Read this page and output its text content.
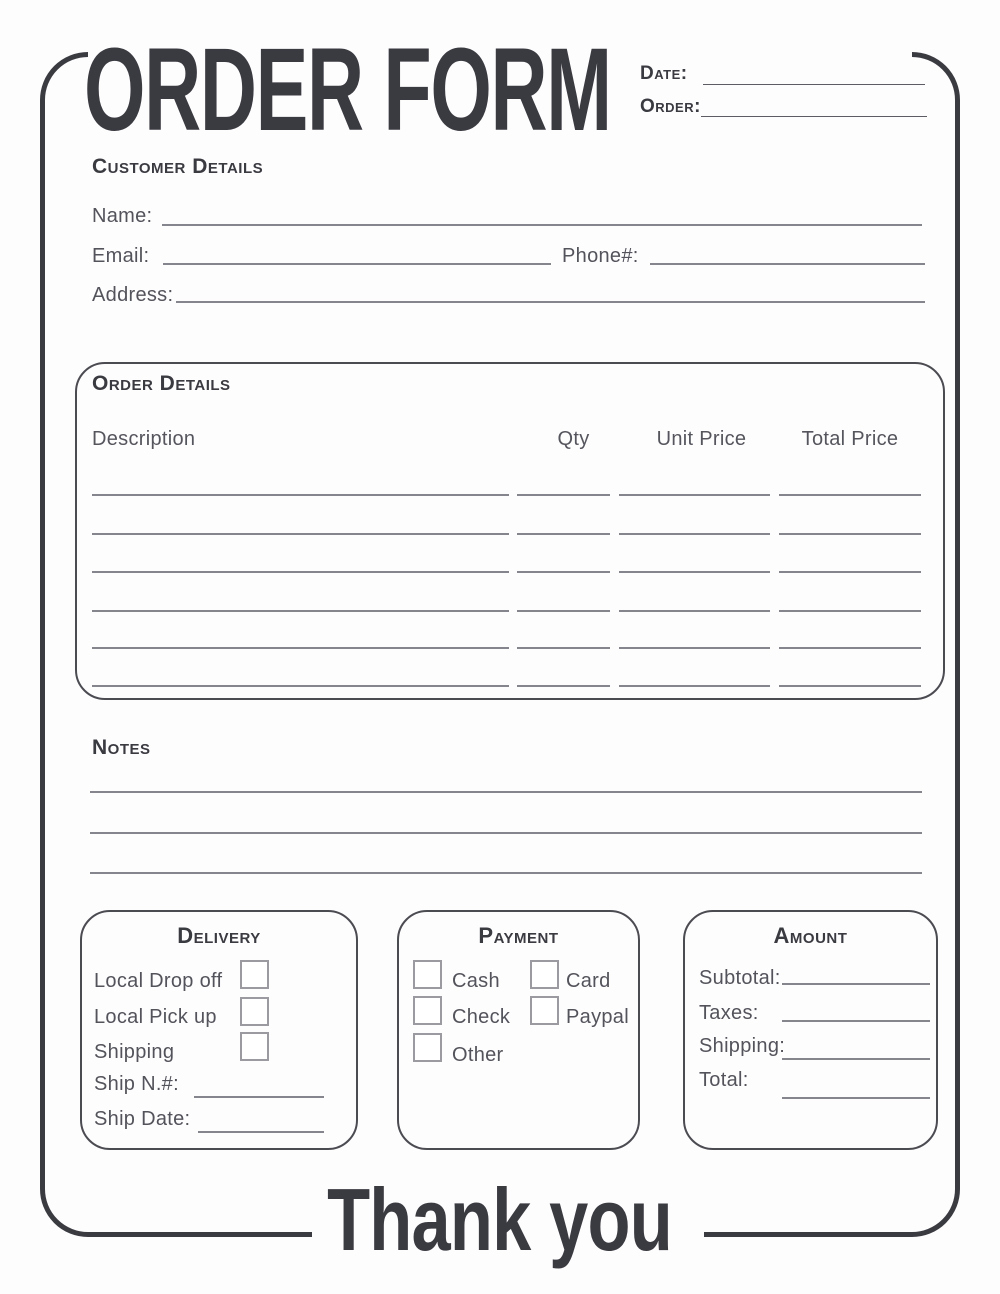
ORDER FORM	Date:
Order:
Customer Details
Name:
Email:	Phone#:
Address:
Order Details
Description	Qty	Unit Price	Total Price
Notes
Delivery
Local Drop off
Local Pick up
Shipping
Ship N.#:
Ship Date:
Payment
Cash	Card
Check	Paypal
Other
Amount
Subtotal:
Taxes:
Shipping:
Total:
Thank you
